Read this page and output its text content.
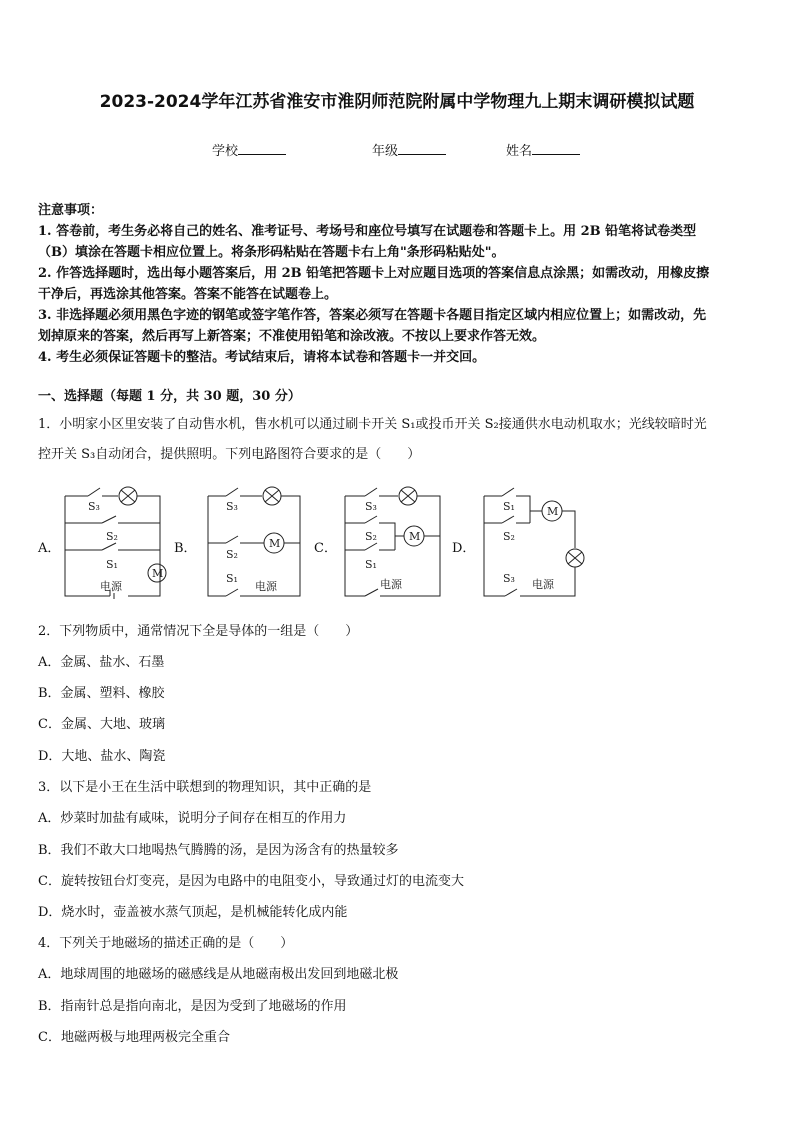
2023-2024学年江苏省淮安市淮阴师范院附属中学物理九上期末调研模拟试题
学校	年级	姓名
注意事项：
1. 答卷前，考生务必将自己的姓名、准考证号、考场号和座位号填写在试题卷和答题卡上。用 2B 铅笔将试卷类型
（B）填涂在答题卡相应位置上。将条形码粘贴在答题卡右上角"条形码粘贴处"。
2. 作答选择题时，选出每小题答案后，用 2B 铅笔把答题卡上对应题目选项的答案信息点涂黑；如需改动，用橡皮擦
干净后，再选涂其他答案。答案不能答在试题卷上。
3. 非选择题必须用黑色字迹的钢笔或签字笔作答，答案必须写在答题卡各题目指定区域内相应位置上；如需改动，先
划掉原来的答案，然后再写上新答案；不准使用铅笔和涂改液。不按以上要求作答无效。
4. 考生必须保证答题卡的整洁。考试结束后，请将本试卷和答题卡一并交回。
一、选择题（每题 1 分，共 30 题，30 分）
1．小明家小区里安装了自动售水机，售水机可以通过刷卡开关 S₁或投币开关 S₂接通供水电动机取水；光线较暗时光
控开关 S₃自动闭合，提供照明。下列电路图符合要求的是（　　）
A．	B．	C．	D．
S₃
S₂
S₁
M
电源
S₃
S₂
M
S₁
电源
S₃
S₂
S₁
M
电源
S₁
S₂
M
S₃ 电源
2．下列物质中，通常情况下全是导体的一组是（　　）
A．金属、盐水、石墨
B．金属、塑料、橡胶
C．金属、大地、玻璃
D．大地、盐水、陶瓷
3．以下是小王在生活中联想到的物理知识，其中正确的是
A．炒菜时加盐有咸味，说明分子间存在相互的作用力
B．我们不敢大口地喝热气腾腾的汤，是因为汤含有的热量较多
C．旋转按钮台灯变亮，是因为电路中的电阻变小，导致通过灯的电流变大
D．烧水时，壶盖被水蒸气顶起，是机械能转化成内能
4．下列关于地磁场的描述正确的是（　　）
A．地球周围的地磁场的磁感线是从地磁南极出发回到地磁北极
B．指南针总是指向南北，是因为受到了地磁场的作用
C．地磁两极与地理两极完全重合
